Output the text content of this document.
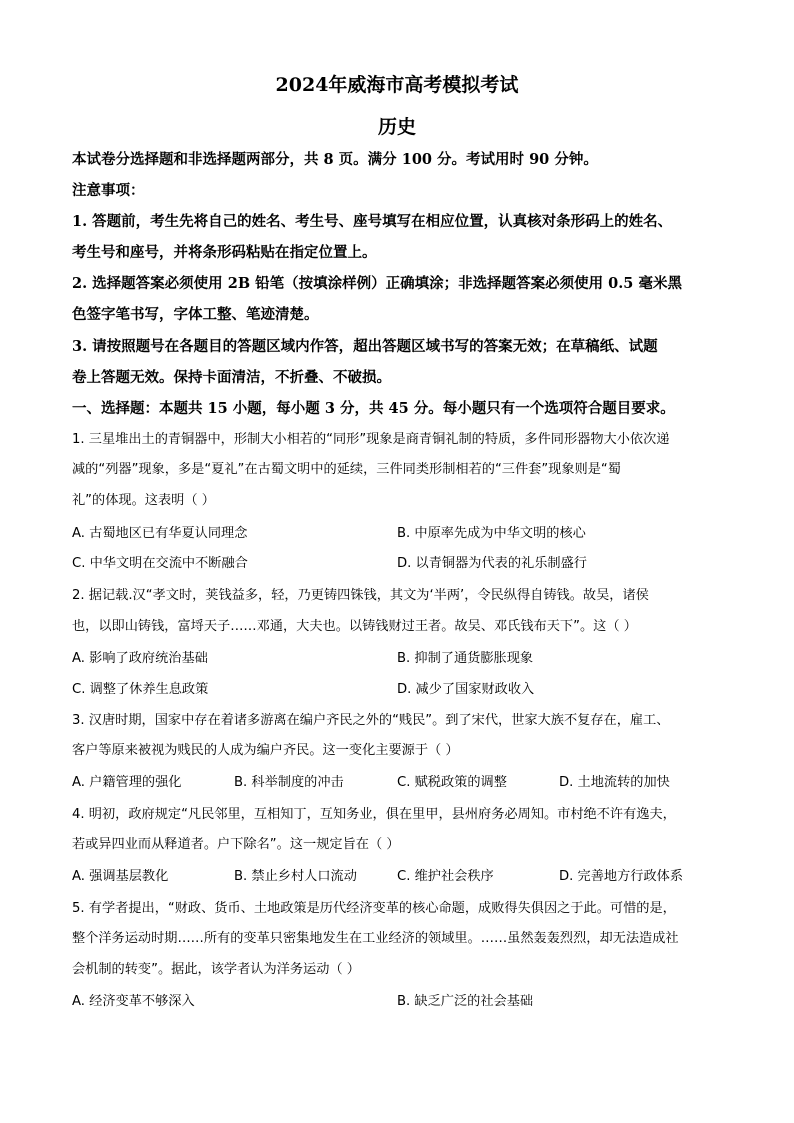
2024年威海市高考模拟考试
历史
本试卷分选择题和非选择题两部分，共 8 页。满分 100 分。考试用时 90 分钟。
注意事项：
1. 答题前，考生先将自己的姓名、考生号、座号填写在相应位置，认真核对条形码上的姓名、
考生号和座号，并将条形码粘贴在指定位置上。
2. 选择题答案必须使用 2B 铅笔（按填涂样例）正确填涂；非选择题答案必须使用 0.5 毫米黑
色签字笔书写，字体工整、笔迹清楚。
3. 请按照题号在各题目的答题区域内作答，超出答题区域书写的答案无效；在草稿纸、试题
卷上答题无效。保持卡面清洁，不折叠、不破损。
一、选择题：本题共 15 小题，每小题 3 分，共 45 分。每小题只有一个选项符合题目要求。
1. 三星堆出土的青铜器中，形制大小相若的“同形”现象是商青铜礼制的特质，多件同形器物大小依次递
减的“列器”现象，多是“夏礼”在古蜀文明中的延续，三件同类形制相若的“三件套”现象则是“蜀
礼”的体现。这表明（ ）
A. 古蜀地区已有华夏认同理念	B. 中原率先成为中华文明的核心
C. 中华文明在交流中不断融合	D. 以青铜器为代表的礼乐制盛行
2. 据记载.汉“孝文时，荚钱益多，轻，乃更铸四铢钱，其文为‘半两’，令民纵得自铸钱。故吴，诸侯
也，以即山铸钱，富埒天子……邓通，大夫也。以铸钱财过王者。故吴、邓氏钱布天下”。这（ ）
A. 影响了政府统治基础	B. 抑制了通货膨胀现象
C. 调整了休养生息政策	D. 减少了国家财政收入
3. 汉唐时期，国家中存在着诸多游离在编户齐民之外的“贱民”。到了宋代，世家大族不复存在，雇工、
客户等原来被视为贱民的人成为编户齐民。这一变化主要源于（ ）
A. 户籍管理的强化	B. 科举制度的冲击	C. 赋税政策的调整	D. 土地流转的加快
4. 明初，政府规定“凡民邻里，互相知丁，互知务业，俱在里甲，县州府务必周知。市村绝不许有逸夫，
若或异四业而从释道者。户下除名”。这一规定旨在（ ）
A. 强调基层教化	B. 禁止乡村人口流动	C. 维护社会秩序	D. 完善地方行政体系
5. 有学者提出，“财政、货币、土地政策是历代经济变革的核心命题，成败得失俱因之于此。可惜的是，
整个洋务运动时期……所有的变革只密集地发生在工业经济的领域里。……虽然轰轰烈烈，却无法造成社
会机制的转变”。据此，该学者认为洋务运动（ ）
A. 经济变革不够深入	B. 缺乏广泛的社会基础
